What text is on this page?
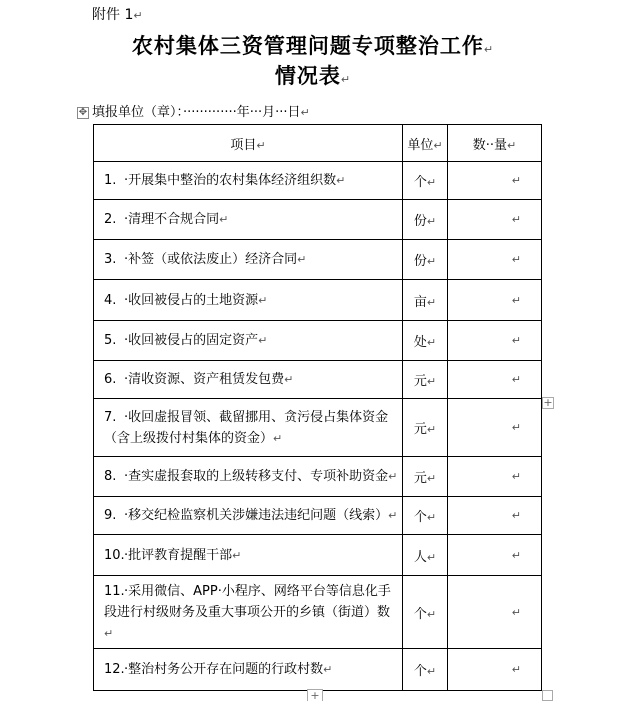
附件 1↵
农村集体三资管理问题专项整治工作↵
情况表↵
✥ 填报单位（章）：·············年···月···日↵
项目↵	单位↵	数··量↵
1. ·开展集中整治的农村集体经济组织数↵	个↵	↵
2. ·清理不合规合同↵	份↵	↵
3. ·补签（或依法废止）经济合同↵	份↵	↵
4. ·收回被侵占的土地资源↵	亩↵	↵
5. ·收回被侵占的固定资产↵	处↵	↵
6. ·清收资源、资产租赁发包费↵	元↵	↵
7. ·收回虚报冒领、截留挪用、贪污侵占集体资金（含上级拨付村集体的资金）↵	元↵	↵
8. ·查实虚报套取的上级转移支付、专项补助资金↵	元↵	↵
9. ·移交纪检监察机关涉嫌违法违纪问题（线索）↵	个↵	↵
10.·批评教育提醒干部↵	人↵	↵
11.·采用微信、APP·小程序、网络平台等信息化手段进行村级财务及重大事项公开的乡镇（街道）数↵	个↵	↵
12.·整治村务公开存在问题的行政村数↵	个↵	↵
+
+
